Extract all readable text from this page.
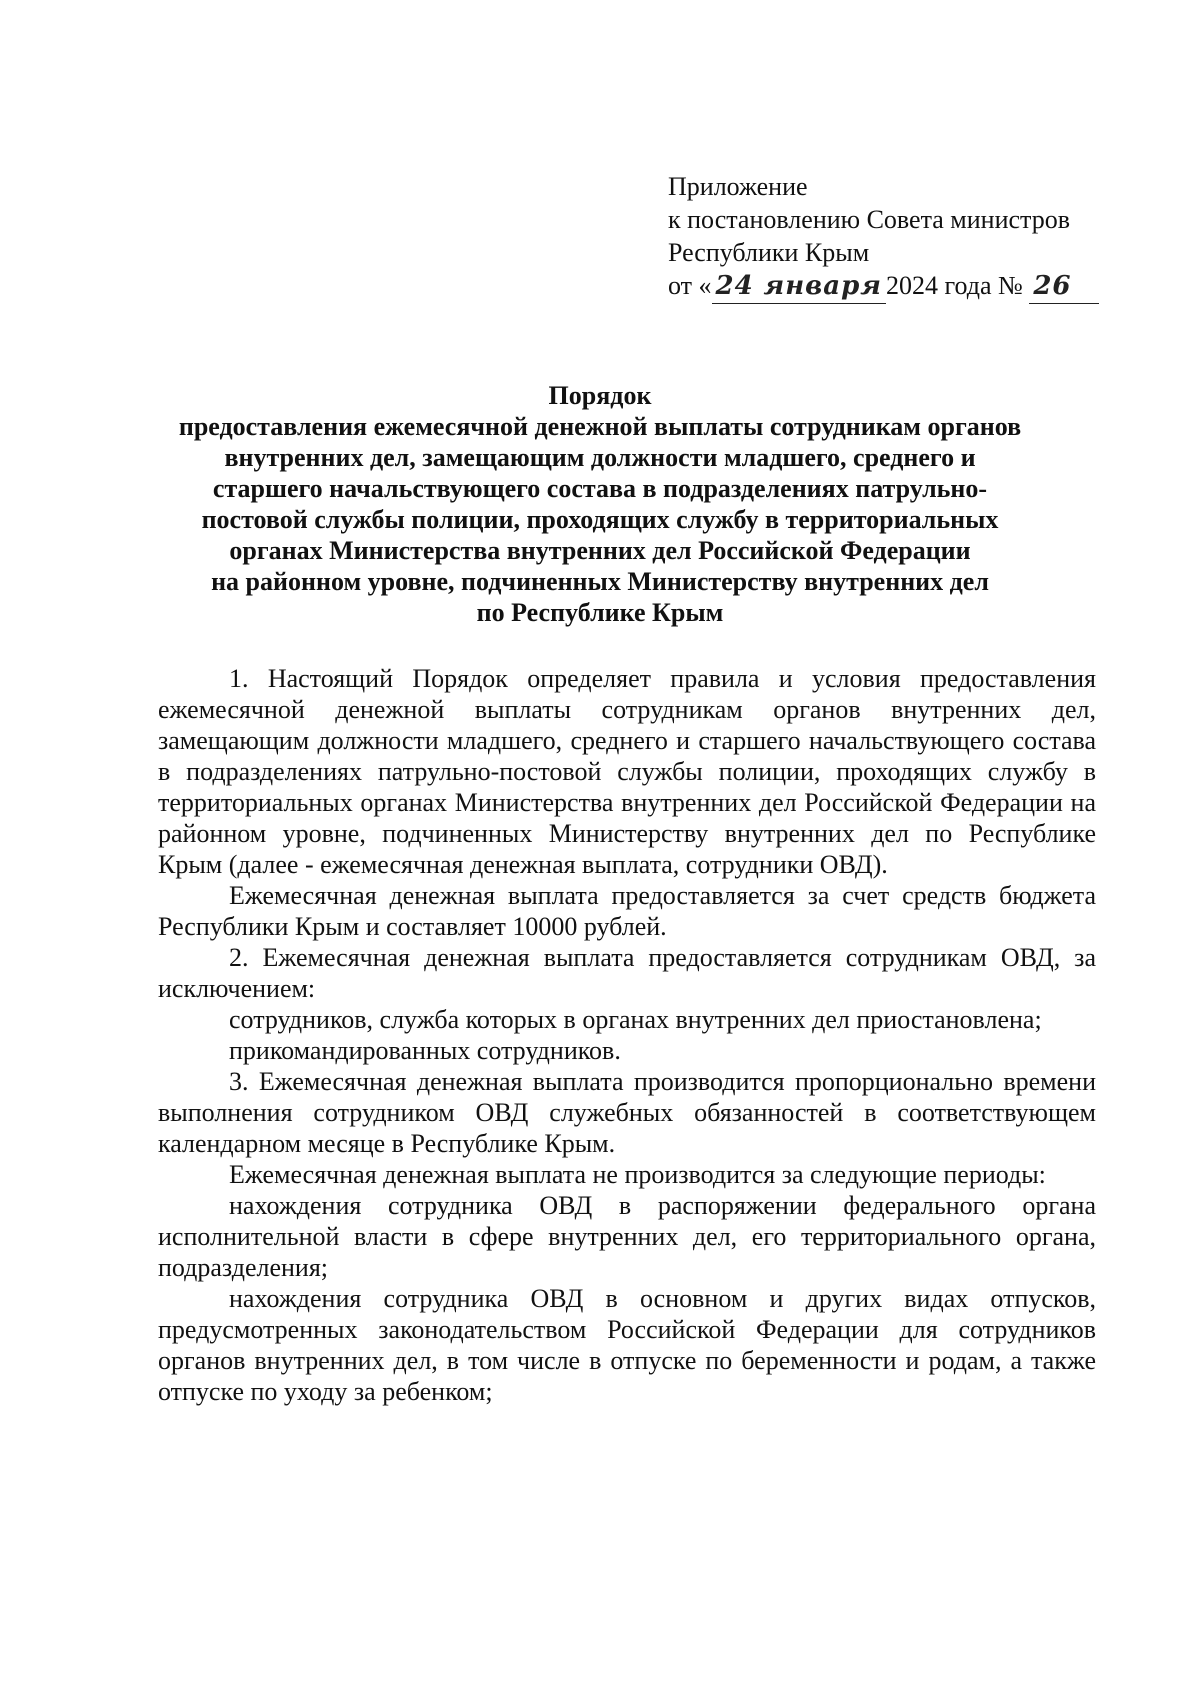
Приложение
к постановлению Совета министров
Республики Крым
от « 24 января 2024 года № 26
Порядок
предоставления ежемесячной денежной выплаты сотрудникам органов
внутренних дел, замещающим должности младшего, среднего и
старшего начальствующего состава в подразделениях патрульно-
постовой службы полиции, проходящих службу в территориальных
органах Министерства внутренних дел Российской Федерации
на районном уровне, подчиненных Министерству внутренних дел
по Республике Крым

1. Настоящий Порядок определяет правила и условия предоставления ежемесячной денежной выплаты сотрудникам органов внутренних дел, замещающим должности младшего, среднего и старшего начальствующего состава в подразделениях патрульно-постовой службы полиции, проходящих службу в территориальных органах Министерства внутренних дел Российской Федерации на районном уровне, подчиненных Министерству внутренних дел по Республике Крым (далее - ежемесячная денежная выплата, сотрудники ОВД).

Ежемесячная денежная выплата предоставляется за счет средств бюджета Республики Крым и составляет 10000 рублей.

2. Ежемесячная денежная выплата предоставляется сотрудникам ОВД, за исключением:

сотрудников, служба которых в органах внутренних дел приостановлена;

прикомандированных сотрудников.

3. Ежемесячная денежная выплата производится пропорционально времени выполнения сотрудником ОВД служебных обязанностей в соответствующем календарном месяце в Республике Крым.

Ежемесячная денежная выплата не производится за следующие периоды:

нахождения сотрудника ОВД в распоряжении федерального органа исполнительной власти в сфере внутренних дел, его территориального органа, подразделения;

нахождения сотрудника ОВД в основном и других видах отпусков, предусмотренных законодательством Российской Федерации для сотрудников органов внутренних дел, в том числе в отпуске по беременности и родам, а также отпуске по уходу за ребенком;
